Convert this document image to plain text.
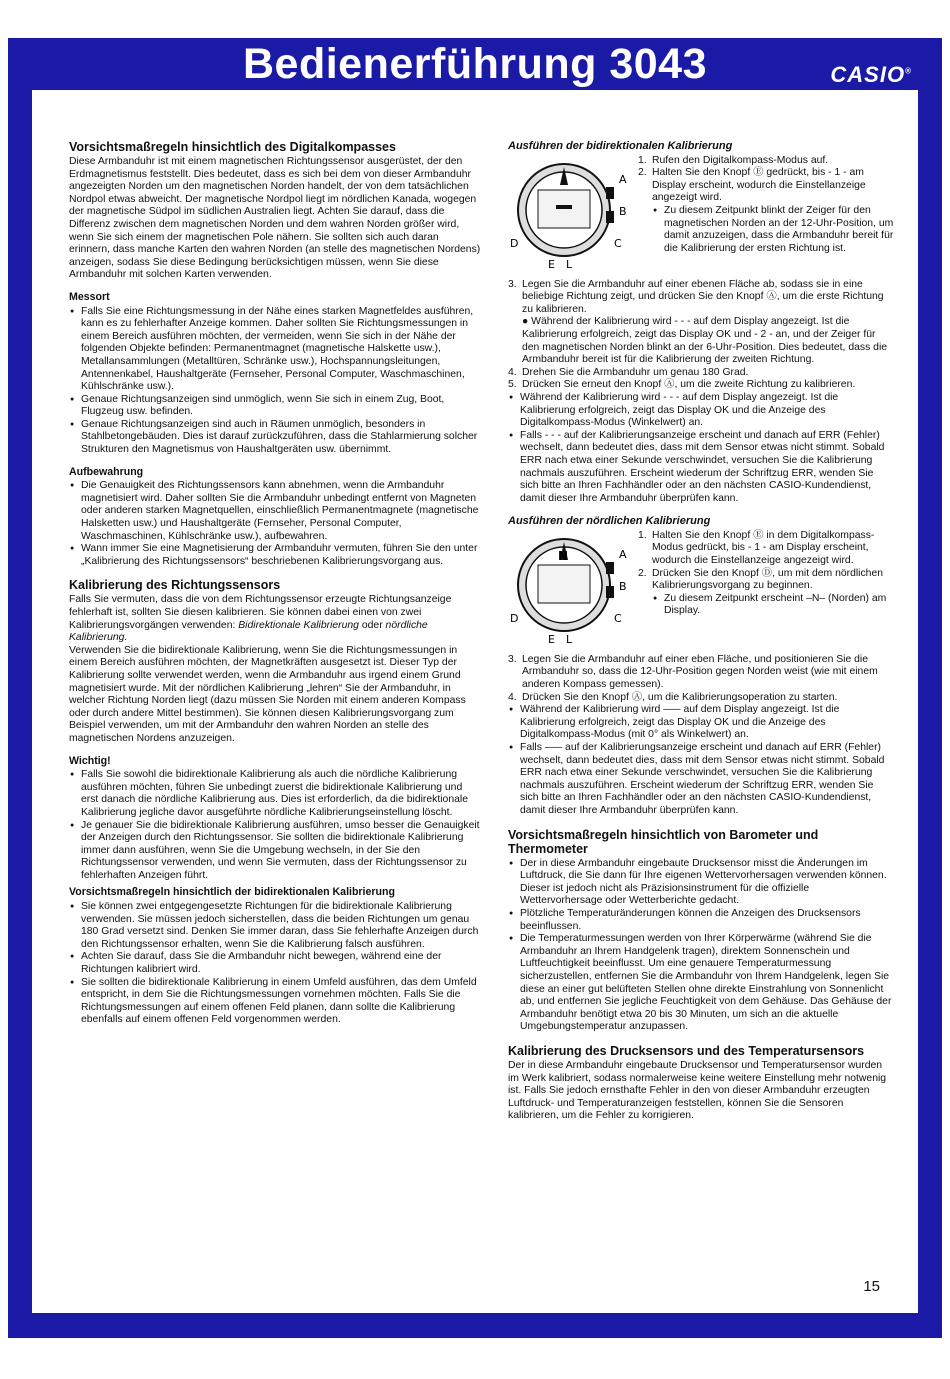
Bedienerführung 3043	CASIO®
Vorsichtsmaßregeln hinsichtlich des Digitalkompasses

Diese Armbanduhr ist mit einem magnetischen Richtungssensor ausgerüstet, der den Erdmagnetismus feststellt. Dies bedeutet, dass es sich bei dem von dieser Armbanduhr angezeigten Norden um den magnetischen Norden handelt, der von dem tatsächlichen Nordpol etwas abweicht. Der magnetische Nordpol liegt im nördlichen Kanada, wogegen der magnetische Südpol im südlichen Australien liegt. Achten Sie darauf, dass die Differenz zwischen dem magnetischen Norden und dem wahren Norden größer wird, wenn Sie sich einem der magnetischen Pole nähern. Sie sollten sich auch daran erinnern, dass manche Karten den wahren Norden (an stelle des magnetischen Nordens) anzeigen, sodass Sie diese Bedingung berücksichtigen müssen, wenn Sie diese Armbanduhr mit solchen Karten verwenden.

Messort
● Falls Sie eine Richtungsmessung in der Nähe eines starken Magnetfeldes ausführen, kann es zu fehlerhafter Anzeige kommen. Daher sollten Sie Richtungsmessungen in einem Bereich ausführen möchten, der vermeiden, wenn Sie sich in der Nähe der folgenden Objekte befinden: Permanentmagnet (magnetische Halskette usw.), Metallansammlungen (Metalltüren, Schränke usw.), Hochspannungsleitungen, Antennenkabel, Haushaltgeräte (Fernseher, Personal Computer, Waschmaschinen, Kühlschränke usw.).
● Genaue Richtungsanzeigen sind unmöglich, wenn Sie sich in einem Zug, Boot, Flugzeug usw. befinden.
● Genaue Richtungsanzeigen sind auch in Räumen unmöglich, besonders in Stahlbetongebäuden. Dies ist darauf zurückzuführen, dass die Stahlarmierung solcher Strukturen den Magnetismus von Haushaltgeräten usw. übernimmt.
Aufbewahrung
● Die Genauigkeit des Richtungssensors kann abnehmen, wenn die Armbanduhr magnetisiert wird. Daher sollten Sie die Armbanduhr unbedingt entfernt von Magneten oder anderen starken Magnetquellen, einschließlich Permanentmagnete (magnetische Halsketten usw.) und Haushaltgeräte (Fernseher, Personal Computer, Waschmaschinen, Kühlschränke usw.), aufbewahren.
● Wann immer Sie eine Magnetisierung der Armbanduhr vermuten, führen Sie den unter „Kalibrierung des Richtungssensors“ beschriebenen Kalibrierungsvorgang aus.
Kalibrierung des Richtungssensors

Falls Sie vermuten, dass die von dem Richtungssensor erzeugte Richtungsanzeige fehlerhaft ist, sollten Sie diesen kalibrieren. Sie können dabei einen von zwei Kalibrierungsvorgängen verwenden: Bidirektionale Kalibrierung oder nördliche Kalibrierung.

Verwenden Sie die bidirektionale Kalibrierung, wenn Sie die Richtungsmessungen in einem Bereich ausführen möchten, der Magnetkräften ausgesetzt ist. Dieser Typ der Kalibrierung sollte verwendet werden, wenn die Armbanduhr aus irgend einem Grund magnetisiert wurde. Mit der nördlichen Kalibrierung „lehren“ Sie der Armbanduhr, in welcher Richtung Norden liegt (dazu müssen Sie Norden mit einem anderen Kompass oder durch andere Mittel bestimmen). Sie können diesen Kalibrierungsvorgang zum Beispiel verwenden, um mit der Armbanduhr den wahren Norden an stelle des magnetischen Nordens anzuzeigen.

Wichtig!
● Falls Sie sowohl die bidirektionale Kalibrierung als auch die nördliche Kalibrierung ausführen möchten, führen Sie unbedingt zuerst die bidirektionale Kalibrierung und erst danach die nördliche Kalibrierung aus. Dies ist erforderlich, da die bidirektionale Kalibrierung jegliche davor ausgeführte nördliche Kalibrierungseinstellung löscht.
● Je genauer Sie die bidirektionale Kalibrierung ausführen, umso besser die Genauigkeit der Anzeigen durch den Richtungssensor. Sie sollten die bidirektionale Kalibrierung immer dann ausführen, wenn Sie die Umgebung wechseln, in der Sie den Richtungssensor verwenden, und wenn Sie vermuten, dass der Richtungssensor zu fehlerhaften Anzeigen führt.
Vorsichtsmaßregeln hinsichtlich der bidirektionalen Kalibrierung
● Sie können zwei entgegengesetzte Richtungen für die bidirektionale Kalibrierung verwenden. Sie müssen jedoch sicherstellen, dass die beiden Richtungen um genau 180 Grad versetzt sind. Denken Sie immer daran, dass Sie fehlerhafte Anzeigen durch den Richtungssensor erhalten, wenn Sie die Kalibrierung falsch ausführen.
● Achten Sie darauf, dass Sie die Armbanduhr nicht bewegen, während eine der Richtungen kalibriert wird.
● Sie sollten die bidirektionale Kalibrierung in einem Umfeld ausführen, das dem Umfeld entspricht, in dem Sie die Richtungsmessungen vornehmen möchten. Falls Sie die Richtungsmessungen auf einem offenen Feld planen, dann sollte die Kalibrierung ebenfalls auf einem offenen Feld vorgenommen werden.
Ausführen der bidirektionalen Kalibrierung
A
B
C
D
E L
1. Rufen den Digitalkompass-Modus auf.
2. Halten Sie den Knopf Ⓔ gedrückt, bis - 1 - am Display erscheint, wodurch die Einstellanzeige angezeigt wird.
● Zu diesem Zeitpunkt blinkt der Zeiger für den magnetischen Norden an der 12-Uhr-Position, um damit anzuzeigen, dass die Armbanduhr bereit für die Kalibrierung der ersten Richtung ist.
3. Legen Sie die Armbanduhr auf einer ebenen Fläche ab, sodass sie in eine beliebige Richtung zeigt, und drücken Sie den Knopf Ⓐ, um die erste Richtung zu kalibrieren.
● Während der Kalibrierung wird - - - auf dem Display angezeigt. Ist die Kalibrierung erfolgreich, zeigt das Display OK und - 2 - an, und der Zeiger für den magnetischen Norden blinkt an der 6-Uhr-Position. Dies bedeutet, dass die Armbanduhr bereit ist für die Kalibrierung der zweiten Richtung.
4. Drehen Sie die Armbanduhr um genau 180 Grad.
5. Drücken Sie erneut den Knopf Ⓐ, um die zweite Richtung zu kalibrieren.
● Während der Kalibrierung wird - - - auf dem Display angezeigt. Ist die Kalibrierung erfolgreich, zeigt das Display OK und die Anzeige des Digitalkompass-Modus (Winkelwert) an.
● Falls - - - auf der Kalibrierungsanzeige erscheint und danach auf ERR (Fehler) wechselt, dann bedeutet dies, dass mit dem Sensor etwas nicht stimmt. Sobald ERR nach etwa einer Sekunde verschwindet, versuchen Sie die Kalibrierung nachmals auszuführen. Erscheint wiederum der Schriftzug ERR, wenden Sie sich bitte an Ihren Fachhändler oder an den nächsten CASIO-Kundendienst, damit dieser Ihre Armbanduhr überprüfen kann.
Ausführen der nördlichen Kalibrierung
N	A
B
C
D
E L
1. Halten Sie den Knopf Ⓔ in dem Digitalkompass-Modus gedrückt, bis - 1 - am Display erscheint, wodurch die Einstellanzeige angezeigt wird.
2. Drücken Sie den Knopf Ⓓ, um mit dem nördlichen Kalibrierungsvorgang zu beginnen.
● Zu diesem Zeitpunkt erscheint –N– (Norden) am Display.
3. Legen Sie die Armbanduhr auf einer eben Fläche, und positionieren Sie die Armbanduhr so, dass die 12-Uhr-Position gegen Norden weist (wie mit einem anderen Kompass gemessen).
4. Drücken Sie den Knopf Ⓐ, um die Kalibrierungsoperation zu starten.
● Während der Kalibrierung wird ––– auf dem Display angezeigt. Ist die Kalibrierung erfolgreich, zeigt das Display OK und die Anzeige des Digitalkompass-Modus (mit 0° als Winkelwert) an.
● Falls ––– auf der Kalibrierungsanzeige erscheint und danach auf ERR (Fehler) wechselt, dann bedeutet dies, dass mit dem Sensor etwas nicht stimmt. Sobald ERR nach etwa einer Sekunde verschwindet, versuchen Sie die Kalibrierung nachmals auszuführen. Erscheint wiederum der Schriftzug ERR, wenden Sie sich bitte an Ihren Fachhändler oder an den nächsten CASIO-Kundendienst, damit dieser Ihre Armbanduhr überprüfen kann.
Vorsichtsmaßregeln hinsichtlich von Barometer und Thermometer
● Der in diese Armbanduhr eingebaute Drucksensor misst die Änderungen im Luftdruck, die Sie dann für Ihre eigenen Wettervorhersagen verwenden können. Dieser ist jedoch nicht als Präzisionsinstrument für die offizielle Wettervorhersage oder Wetterberichte gedacht.
● Plötzliche Temperaturänderungen können die Anzeigen des Drucksensors beeinflussen.
● Die Temperaturmessungen werden von Ihrer Körperwärme (während Sie die Armbanduhr an Ihrem Handgelenk tragen), direktem Sonnenschein und Luftfeuchtigkeit beeinflusst. Um eine genauere Temperaturmessung sicherzustellen, entfernen Sie die Armbanduhr von Ihrem Handgelenk, legen Sie diese an einer gut belüfteten Stellen ohne direkte Einstrahlung von Sonnenlicht ab, und entfernen Sie jegliche Feuchtigkeit von dem Gehäuse. Das Gehäuse der Armbanduhr benötigt etwa 20 bis 30 Minuten, um sich an die aktuelle Umgebungstemperatur anzupassen.
Kalibrierung des Drucksensors und des Temperatursensors

Der in diese Armbanduhr eingebaute Drucksensor und Temperatursensor wurden im Werk kalibriert, sodass normalerweise keine weitere Einstellung mehr notwenig ist. Falls Sie jedoch ernsthafte Fehler in den von dieser Armbanduhr erzeugten Luftdruck- und Temperaturanzeigen feststellen, können Sie die Sensoren kalibrieren, um die Fehler zu korrigieren.

15
